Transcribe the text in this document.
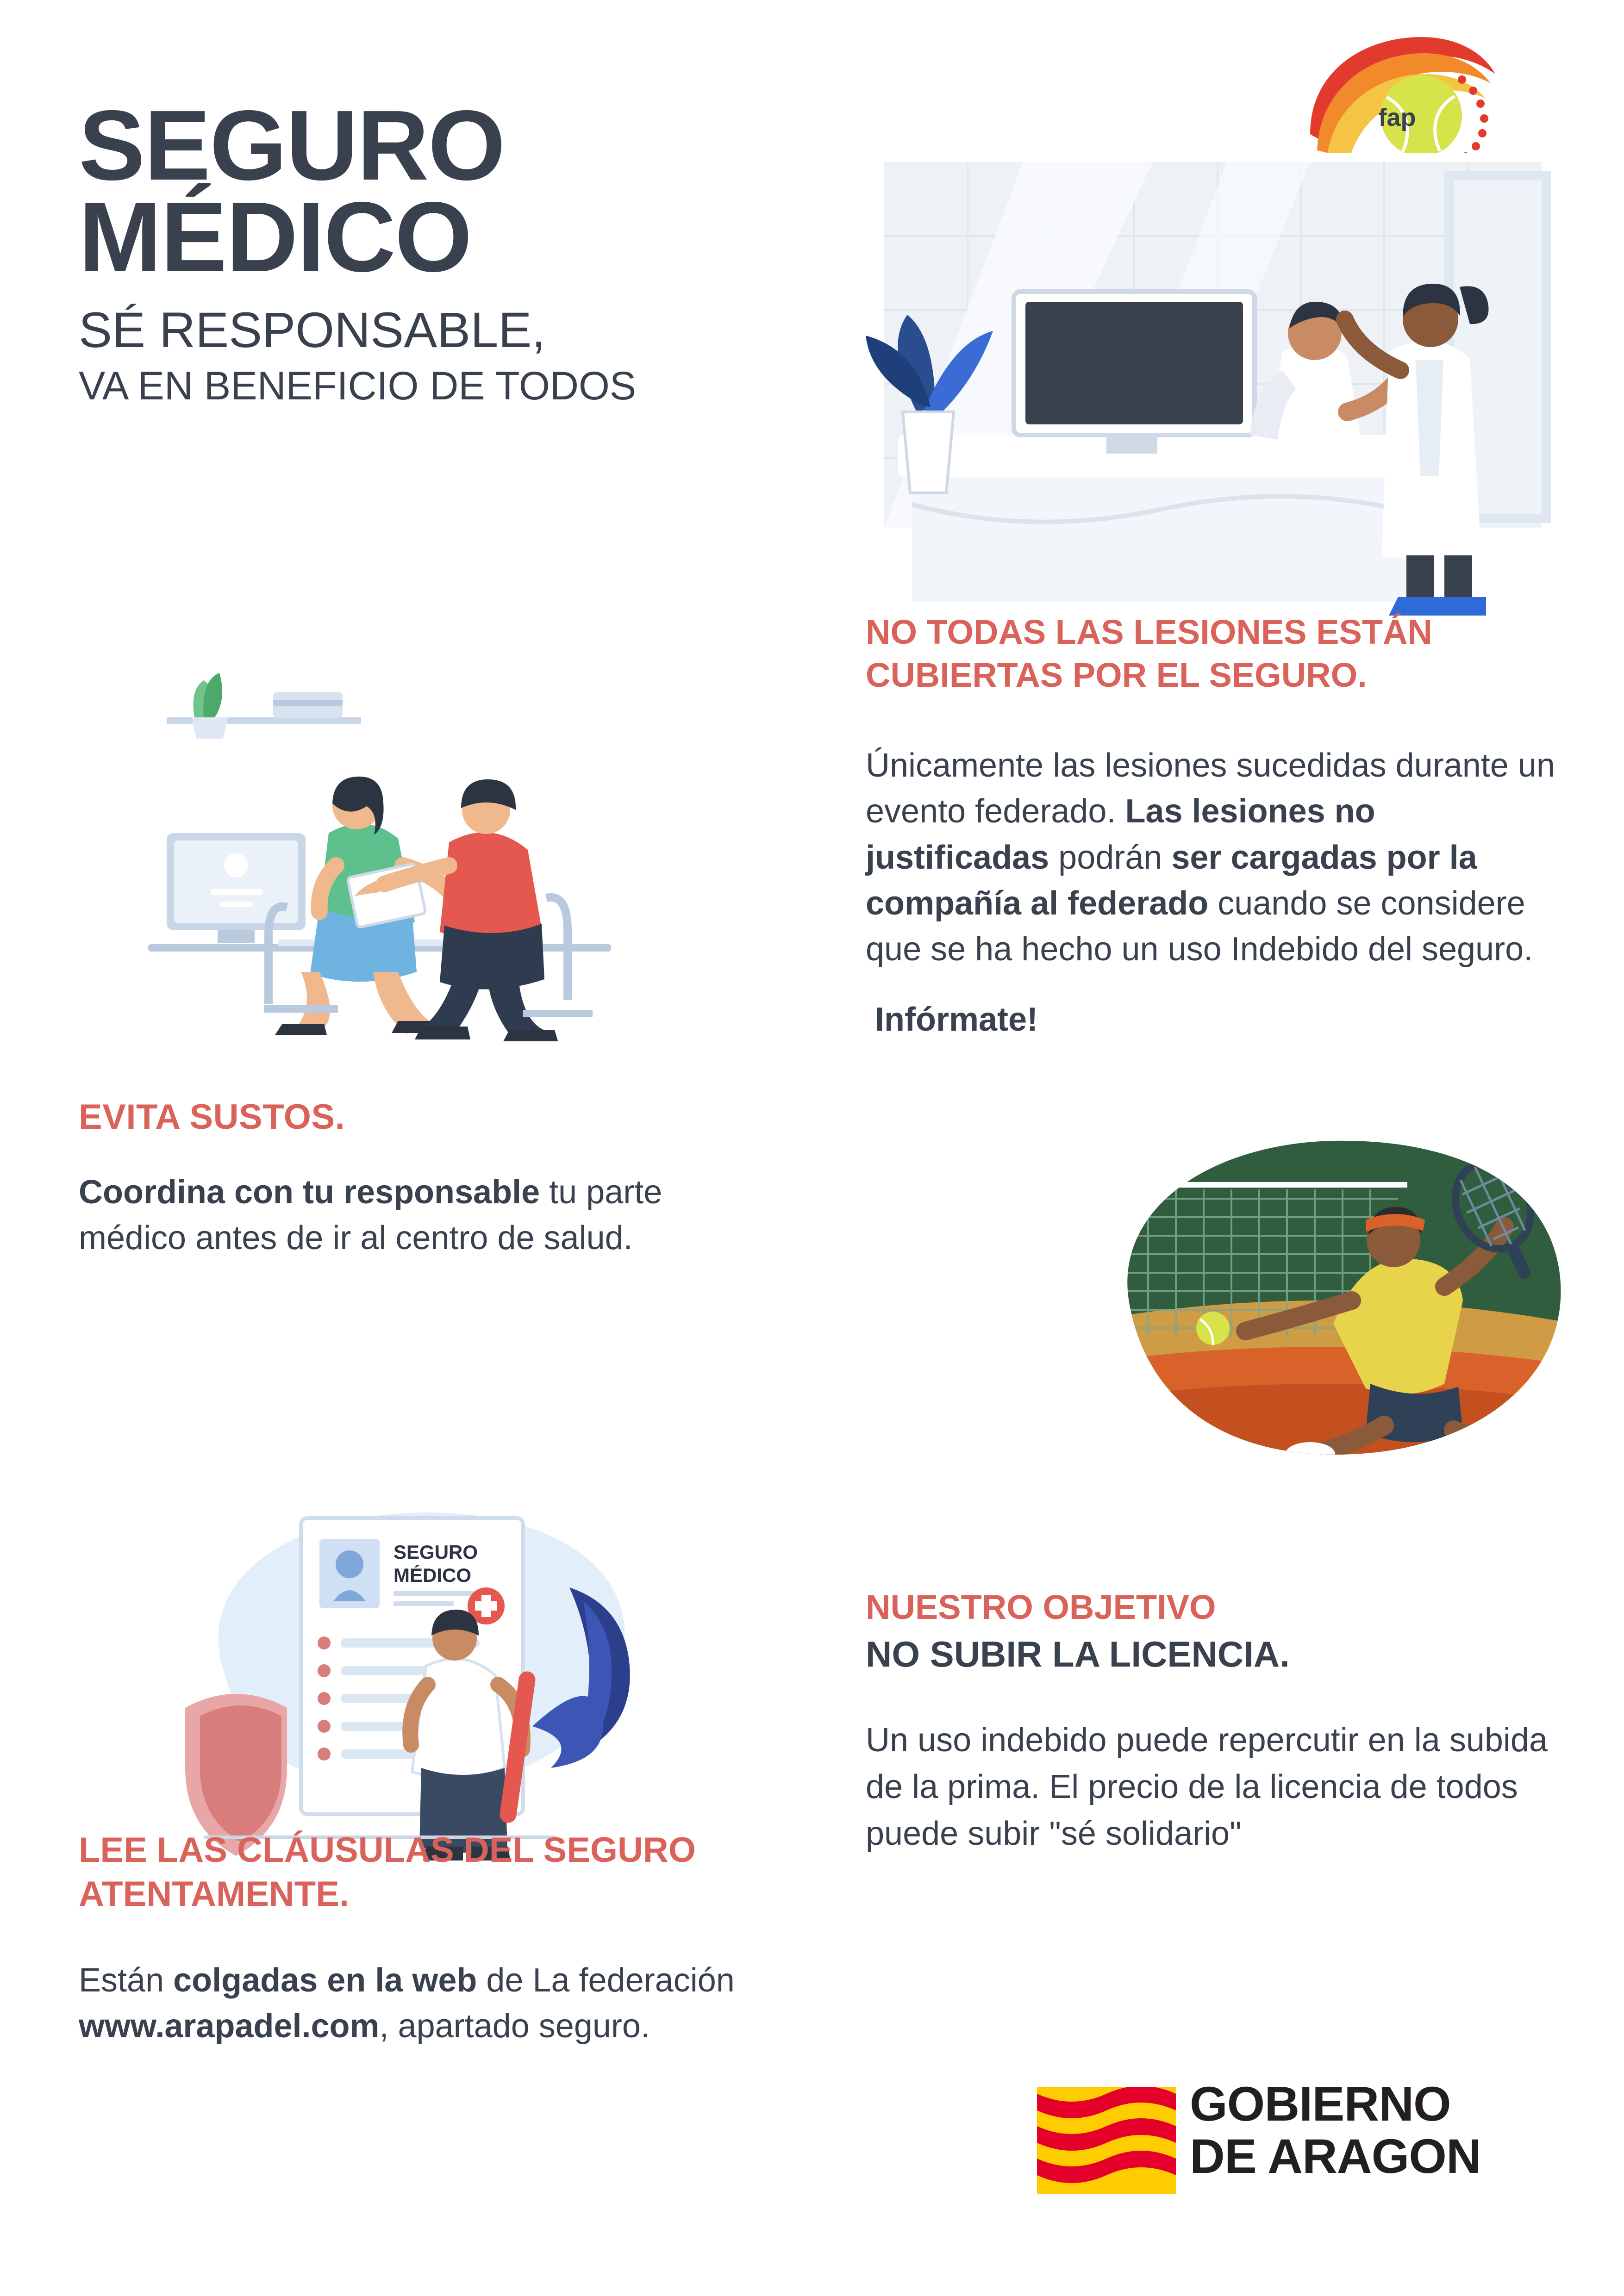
SEGURO MÉDICO
SÉ RESPONSABLE,
VA EN BENEFICIO DE TODOS
fap
NO TODAS LAS LESIONES ESTÁN CUBIERTAS POR EL SEGURO.

Únicamente las lesiones sucedidas durante un evento federado. Las lesiones no justificadas podrán ser cargadas por la compañía al federado cuando se considere que se ha hecho un uso Indebido del seguro.

Infórmate!
NUESTRO OBJETIVO
NO SUBIR LA LICENCIA.

Un uso indebido puede repercutir en la subida de la prima. El precio de la licencia de todos puede subir "sé solidario"

EVITA SUSTOS.

Coordina con tu responsable tu parte médico antes de ir al centro de salud.

SEGURO
MÉDICO
LEE LAS CLÁUSULAS DEL SEGURO ATENTAMENTE.

Están colgadas en la web de La federación www.arapadel.com, apartado seguro.

GOBIERNO
DE ARAGON
